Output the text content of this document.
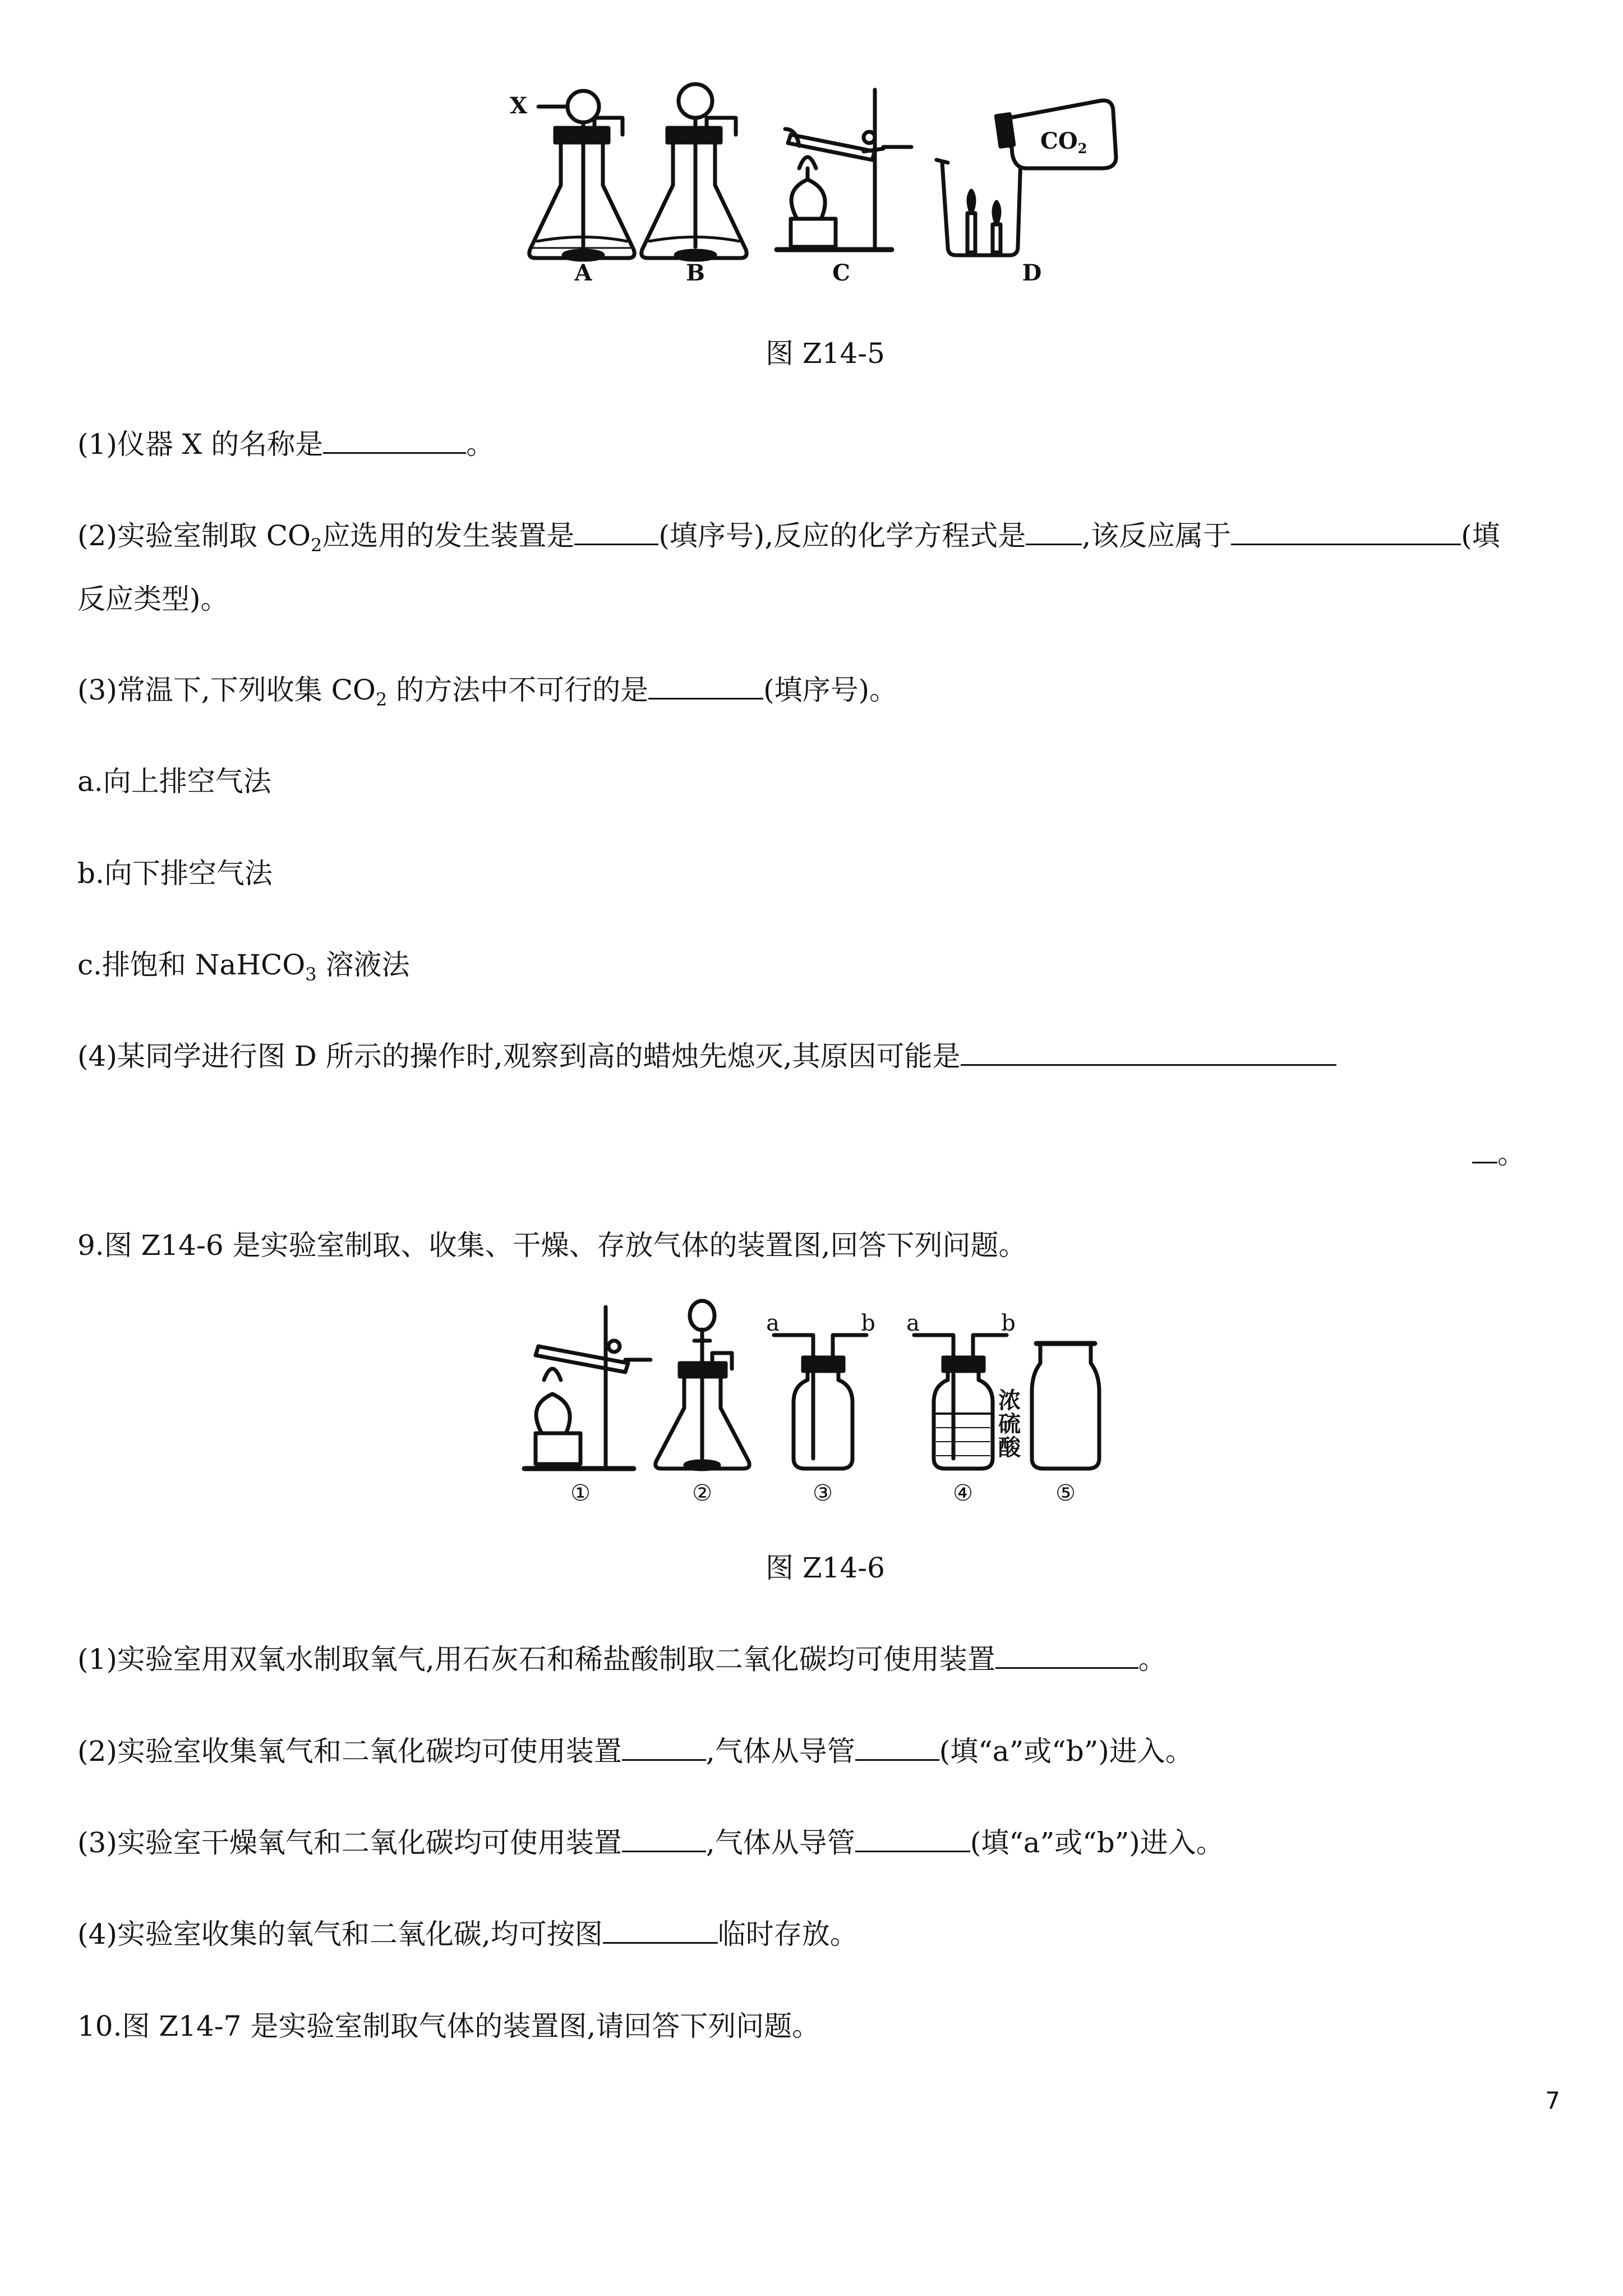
X
A	B	C	D
$CO_2$
图 Z14-5
(1)仪器 X 的名称是	。
(2)实验室制取 $CO_2$应选用的发生装置是	(填序号),反应的化学方程式是 ,该反应属于	(填
反应类型)。
(3)常温下,下列收集 $CO_2$ 的方法中不可行的是	(填序号)。
a.向上排空气法
b.向下排空气法
c.排饱和 NaHCO$_3$ 溶液法
(4)某同学进行图 D 所示的操作时,观察到高的蜡烛先熄灭,其原因可能是
。
9.图 Z14-6 是实验室制取、收集、干燥、存放气体的装置图,回答下列问题。
a	b a	b
浓
硫
酸
①	②	③	④	⑤
图 Z14-6
(1)实验室用双氧水制取氧气,用石灰石和稀盐酸制取二氧化碳均可使用装置	。
(2)实验室收集氧气和二氧化碳均可使用装置	,气体从导管	(填“a”或“b”)进入。
(3)实验室干燥氧气和二氧化碳均可使用装置	,气体从导管	(填“a”或“b”)进入。
(4)实验室收集的氧气和二氧化碳,均可按图	临时存放。
10.图 Z14-7 是实验室制取气体的装置图,请回答下列问题。
7
